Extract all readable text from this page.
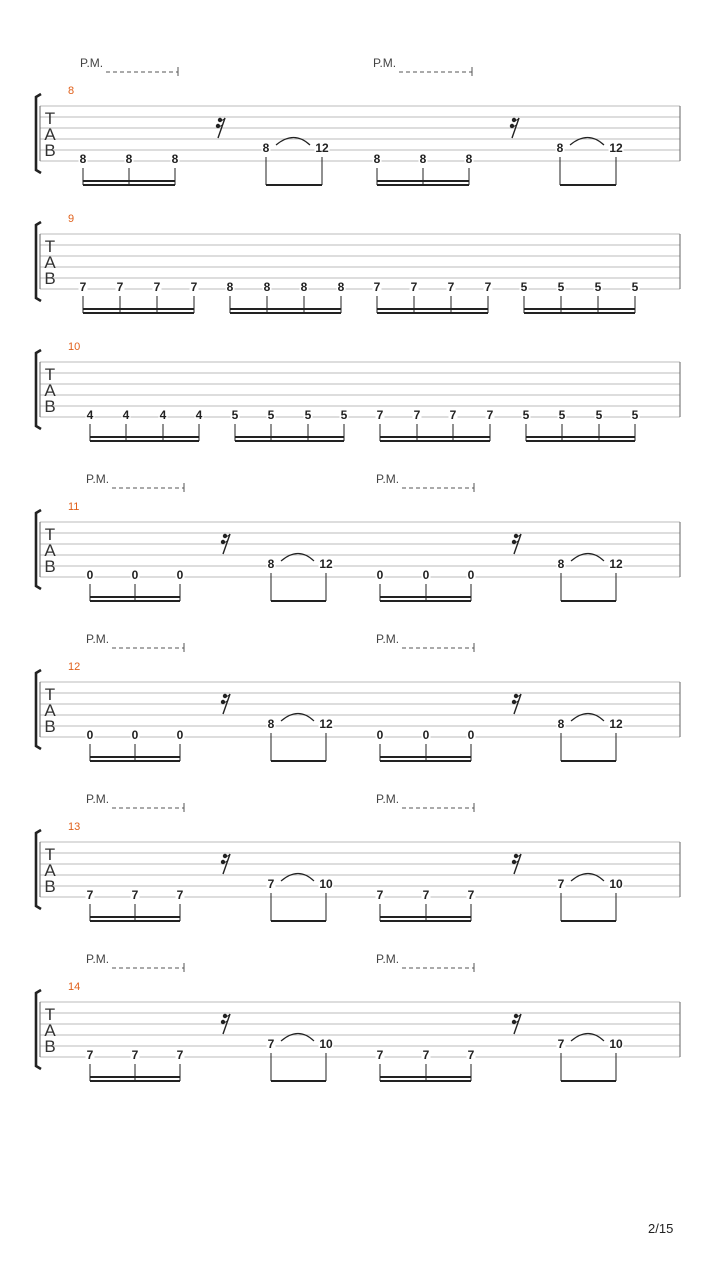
T
A
B
8
P.M.	P.M.
8	8	8
8	12
8	8	8
8	12
T
A
B
9
7	7	7	7 8	8	8	8 7	7	7	7 5	5	5	5
T
A
B
10
4 4	4 4 5 5	5 5 7	7 7	7 5 5	5 5
T
A
B
11
P.M.	P.M.
0	0	0
8	12
0	0	0
8	12
T
A
B
12
P.M.	P.M.
0	0	0
8	12
0	0	0
8	12
T
A
B
13
P.M.	P.M.
7	7	7
7	10
7	7	7
7	10
T
A
B
14
P.M.	P.M.
7	7	7
7	10
7	7	7
7	10
2/15
